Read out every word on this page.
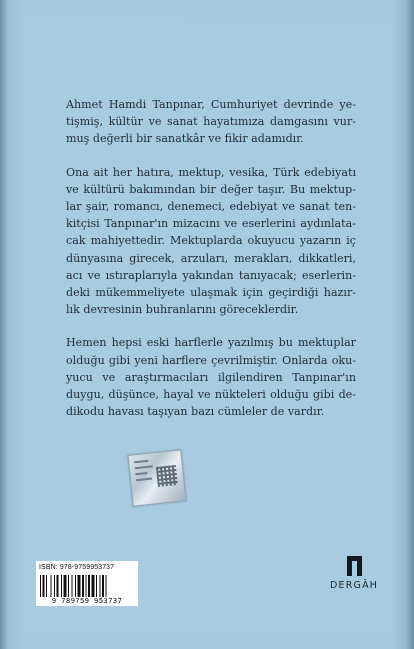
Ahmet Hamdi Tanpınar, Cumhuriyet devrinde ye-
tişmiş, kültür ve sanat hayatımıza damgasını vur-
muş değerli bir sanatkâr ve fikir adamıdır.

Ona ait her hatıra, mektup, vesika, Türk edebiyatı
ve kültürü bakımından bir değer taşır. Bu mektup-
lar şair, romancı, denemeci, edebiyat ve sanat ten-
kitçisi Tanpınar'ın mizacını ve eserlerini aydınlata-
cak mahiyettedir. Mektuplarda okuyucu yazarın iç
dünyasına girecek, arzuları, merakları, dikkatleri,
acı ve ıstıraplarıyla yakından tanıyacak; eserlerin-
deki mükemmeliyete ulaşmak için geçirdiği hazır-
lık devresinin buhranlarını göreceklerdir.

Hemen hepsi eski harflerle yazılmış bu mektuplar
olduğu gibi yeni harflere çevrilmiştir. Onlarda oku-
yucu ve araştırmacıları ilgilendiren Tanpınar'ın
duygu, düşünce, hayal ve nükteleri olduğu gibi de-
dikodu havası taşıyan bazı cümleler de vardır.

ISBN: 978-9759953737
9 789759 953737
DERGÂH
